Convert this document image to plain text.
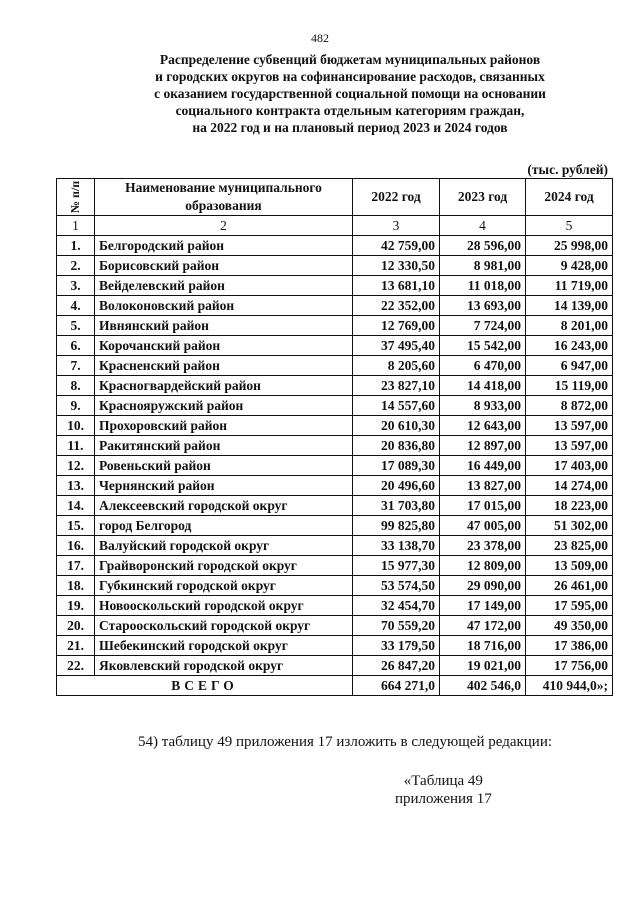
482
Распределение субвенций бюджетам муниципальных районов
и городских округов на софинансирование расходов, связанных
с оказанием государственной социальной помощи на основании
социального контракта отдельным категориям граждан,
на 2022 год и на плановый период 2023 и 2024 годов
(тыс. рублей)
№ п/п	Наименование муниципального образования	2022 год	2023 год	2024 год
1	2	3	4	5
1.	Белгородский район	42 759,00	28 596,00	25 998,00
2.	Борисовский район	12 330,50	8 981,00	9 428,00
3.	Вейделевский район	13 681,10	11 018,00	11 719,00
4.	Волоконовский район	22 352,00	13 693,00	14 139,00
5.	Ивнянский район	12 769,00	7 724,00	8 201,00
6.	Корочанский район	37 495,40	15 542,00	16 243,00
7.	Красненский район	8 205,60	6 470,00	6 947,00
8.	Красногвардейский район	23 827,10	14 418,00	15 119,00
9.	Краснояружский район	14 557,60	8 933,00	8 872,00
10.	Прохоровский район	20 610,30	12 643,00	13 597,00
11.	Ракитянский район	20 836,80	12 897,00	13 597,00
12.	Ровеньский район	17 089,30	16 449,00	17 403,00
13.	Чернянский район	20 496,60	13 827,00	14 274,00
14.	Алексеевский городской округ	31 703,80	17 015,00	18 223,00
15.	город Белгород	99 825,80	47 005,00	51 302,00
16.	Валуйский городской округ	33 138,70	23 378,00	23 825,00
17.	Грайворонский городской округ	15 977,30	12 809,00	13 509,00
18.	Губкинский городской округ	53 574,50	29 090,00	26 461,00
19.	Новооскольский городской округ	32 454,70	17 149,00	17 595,00
20.	Старооскольский городской округ	70 559,20	47 172,00	49 350,00
21.	Шебекинский городской округ	33 179,50	18 716,00	17 386,00
22.	Яковлевский городской округ	26 847,20	19 021,00	17 756,00
ВСЕГО		664 271,0	402 546,0	410 944,0»;
54) таблицу 49 приложения 17 изложить в следующей редакции:
«Таблица 49
приложения 17
